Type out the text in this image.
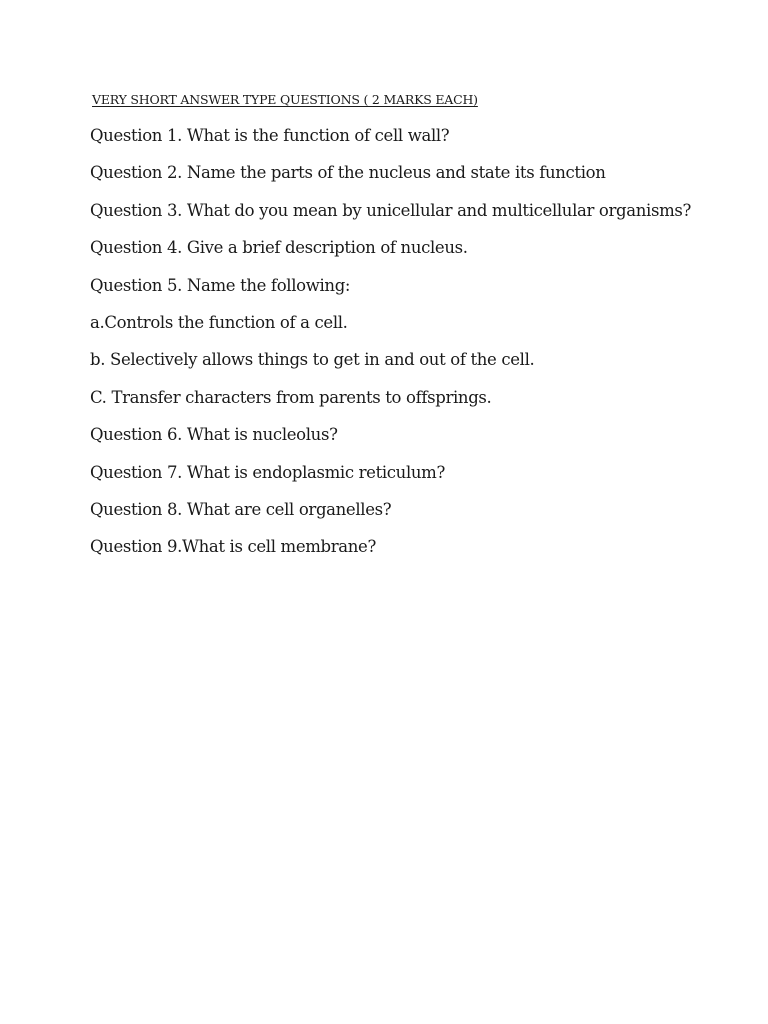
VERY SHORT ANSWER TYPE QUESTIONS ( 2 MARKS EACH)
Question 1. What is the function of cell wall?
Question 2. Name the parts of the nucleus and state its function
Question 3. What do you mean by unicellular and multicellular organisms?
Question 4. Give a brief description of nucleus.
Question 5. Name the following:
a.Controls the function of a cell.
b. Selectively allows things to get in and out of the cell.
C. Transfer characters from parents to offsprings.
Question 6. What is nucleolus?
Question 7. What is endoplasmic reticulum?
Question 8. What are cell organelles?
Question 9.What is cell membrane?
